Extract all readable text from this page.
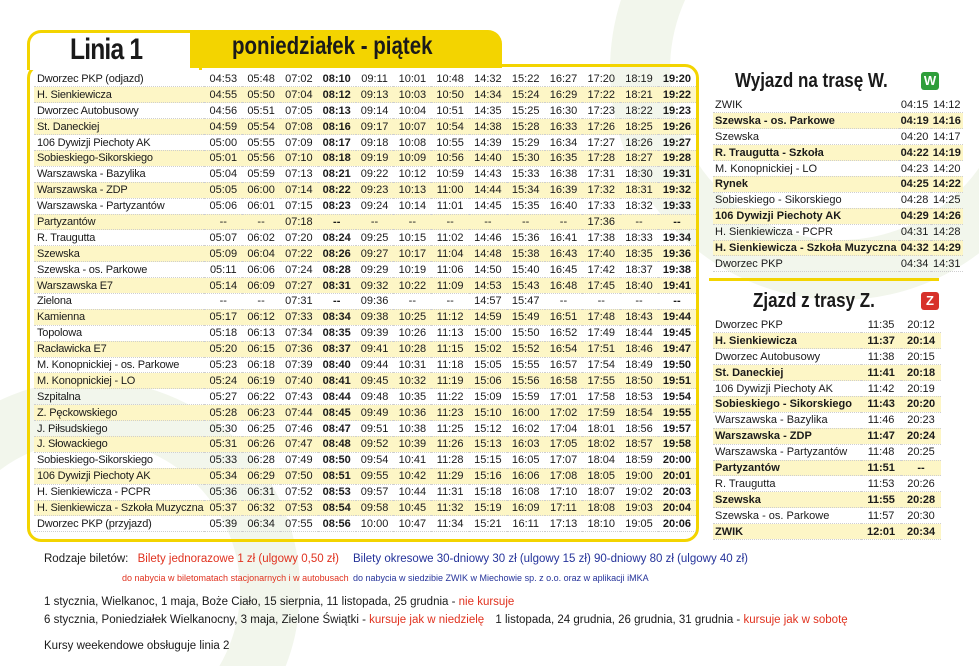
Linia 1	poniedziałek - piątek
Dworzec PKP (odjazd)	04:53	05:48	07:02	08:10	09:11	10:01	10:48	14:32	15:22	16:27	17:20	18:19	19:20
H. Sienkiewicza	04:55	05:50	07:04	08:12	09:13	10:03	10:50	14:34	15:24	16:29	17:22	18:21	19:22
Dworzec Autobusowy	04:56	05:51	07:05	08:13	09:14	10:04	10:51	14:35	15:25	16:30	17:23	18:22	19:23
St. Daneckiej	04:59	05:54	07:08	08:16	09:17	10:07	10:54	14:38	15:28	16:33	17:26	18:25	19:26
106 Dywizji Piechoty AK	05:00	05:55	07:09	08:17	09:18	10:08	10:55	14:39	15:29	16:34	17:27	18:26	19:27
Sobieskiego-Sikorskiego	05:01	05:56	07:10	08:18	09:19	10:09	10:56	14:40	15:30	16:35	17:28	18:27	19:28
Warszawska - Bazylika	05:04	05:59	07:13	08:21	09:22	10:12	10:59	14:43	15:33	16:38	17:31	18:30	19:31
Warszawska - ZDP	05:05	06:00	07:14	08:22	09:23	10:13	11:00	14:44	15:34	16:39	17:32	18:31	19:32
Warszawska - Partyzantów	05:06	06:01	07:15	08:23	09:24	10:14	11:01	14:45	15:35	16:40	17:33	18:32	19:33
Partyzantów	--	--	07:18	--	--	--	--	--	--	--	17:36	--	--
R. Traugutta	05:07	06:02	07:20	08:24	09:25	10:15	11:02	14:46	15:36	16:41	17:38	18:33	19:34
Szewska	05:09	06:04	07:22	08:26	09:27	10:17	11:04	14:48	15:38	16:43	17:40	18:35	19:36
Szewska - os. Parkowe	05:11	06:06	07:24	08:28	09:29	10:19	11:06	14:50	15:40	16:45	17:42	18:37	19:38
Warszawska E7	05:14	06:09	07:27	08:31	09:32	10:22	11:09	14:53	15:43	16:48	17:45	18:40	19:41
Zielona	--	--	07:31	--	09:36	--	--	14:57	15:47	--	--	--	--
Kamienna	05:17	06:12	07:33	08:34	09:38	10:25	11:12	14:59	15:49	16:51	17:48	18:43	19:44
Topolowa	05:18	06:13	07:34	08:35	09:39	10:26	11:13	15:00	15:50	16:52	17:49	18:44	19:45
Racławicka E7	05:20	06:15	07:36	08:37	09:41	10:28	11:15	15:02	15:52	16:54	17:51	18:46	19:47
M. Konopnickiej - os. Parkowe	05:23	06:18	07:39	08:40	09:44	10:31	11:18	15:05	15:55	16:57	17:54	18:49	19:50
M. Konopnickiej - LO	05:24	06:19	07:40	08:41	09:45	10:32	11:19	15:06	15:56	16:58	17:55	18:50	19:51
Szpitalna	05:27	06:22	07:43	08:44	09:48	10:35	11:22	15:09	15:59	17:01	17:58	18:53	19:54
Z. Pęckowskiego	05:28	06:23	07:44	08:45	09:49	10:36	11:23	15:10	16:00	17:02	17:59	18:54	19:55
J. Piłsudskiego	05:30	06:25	07:46	08:47	09:51	10:38	11:25	15:12	16:02	17:04	18:01	18:56	19:57
J. Słowackiego	05:31	06:26	07:47	08:48	09:52	10:39	11:26	15:13	16:03	17:05	18:02	18:57	19:58
Sobieskiego-Sikorskiego	05:33	06:28	07:49	08:50	09:54	10:41	11:28	15:15	16:05	17:07	18:04	18:59	20:00
106 Dywizji Piechoty AK	05:34	06:29	07:50	08:51	09:55	10:42	11:29	15:16	16:06	17:08	18:05	19:00	20:01
H. Sienkiewicza - PCPR	05:36	06:31	07:52	08:53	09:57	10:44	11:31	15:18	16:08	17:10	18:07	19:02	20:03
H. Sienkiewicza - Szkoła Muzyczna	05:37	06:32	07:53	08:54	09:58	10:45	11:32	15:19	16:09	17:11	18:08	19:03	20:04
Dworzec PKP (przyjazd)	05:39	06:34	07:55	08:56	10:00	10:47	11:34	15:21	16:11	17:13	18:10	19:05	20:06
Wyjazd na trasę W.	W
ZWIK	04:15	14:12
Szewska - os. Parkowe	04:19	14:16
Szewska	04:20	14:17
R. Traugutta - Szkoła	04:22	14:19
M. Konopnickiej - LO	04:23	14:20
Rynek	04:25	14:22
Sobieskiego - Sikorskiego	04:28	14:25
106 Dywizji Piechoty AK	04:29	14:26
H. Sienkiewicza - PCPR	04:31	14:28
H. Sienkiewicza - Szkoła Muzyczna	04:32	14:29
Dworzec PKP	04:34	14:31
Zjazd z trasy Z.	Z
Dworzec PKP	11:35	20:12
H. Sienkiewicza	11:37	20:14
Dworzec Autobusowy	11:38	20:15
St. Daneckiej	11:41	20:18
106 Dywizji Piechoty AK	11:42	20:19
Sobieskiego - Sikorskiego	11:43	20:20
Warszawska - Bazylika	11:46	20:23
Warszawska - ZDP	11:47	20:24
Warszawska - Partyzantów	11:48	20:25
Partyzantów	11:51	--
R. Traugutta	11:53	20:26
Szewska	11:55	20:28
Szewska - os. Parkowe	11:57	20:30
ZWIK	12:01	20:34
Rodzaje biletów: Bilety jednorazowe 1 zł (ulgowy 0,50 zł) Bilety okresowe 30-dniowy 30 zł (ulgowy 15 zł) 90-dniowy 80 zł (ulgowy 40 zł)
do nabycia w biletomatach stacjonarnych i w autobusach do nabycia w siedzibie ZWIK w Miechowie sp. z o.o. oraz w aplikacji iMKA
1 stycznia, Wielkanoc, 1 maja, Boże Ciało, 15 sierpnia, 11 listopada, 25 grudnia - nie kursuje
6 stycznia, Poniedziałek Wielkanocny, 3 maja, Zielone Świątki - kursuje jak w niedzielę 1 listopada, 24 grudnia, 26 grudnia, 31 grudnia - kursuje jak w sobotę
Kursy weekendowe obsługuje linia 2
